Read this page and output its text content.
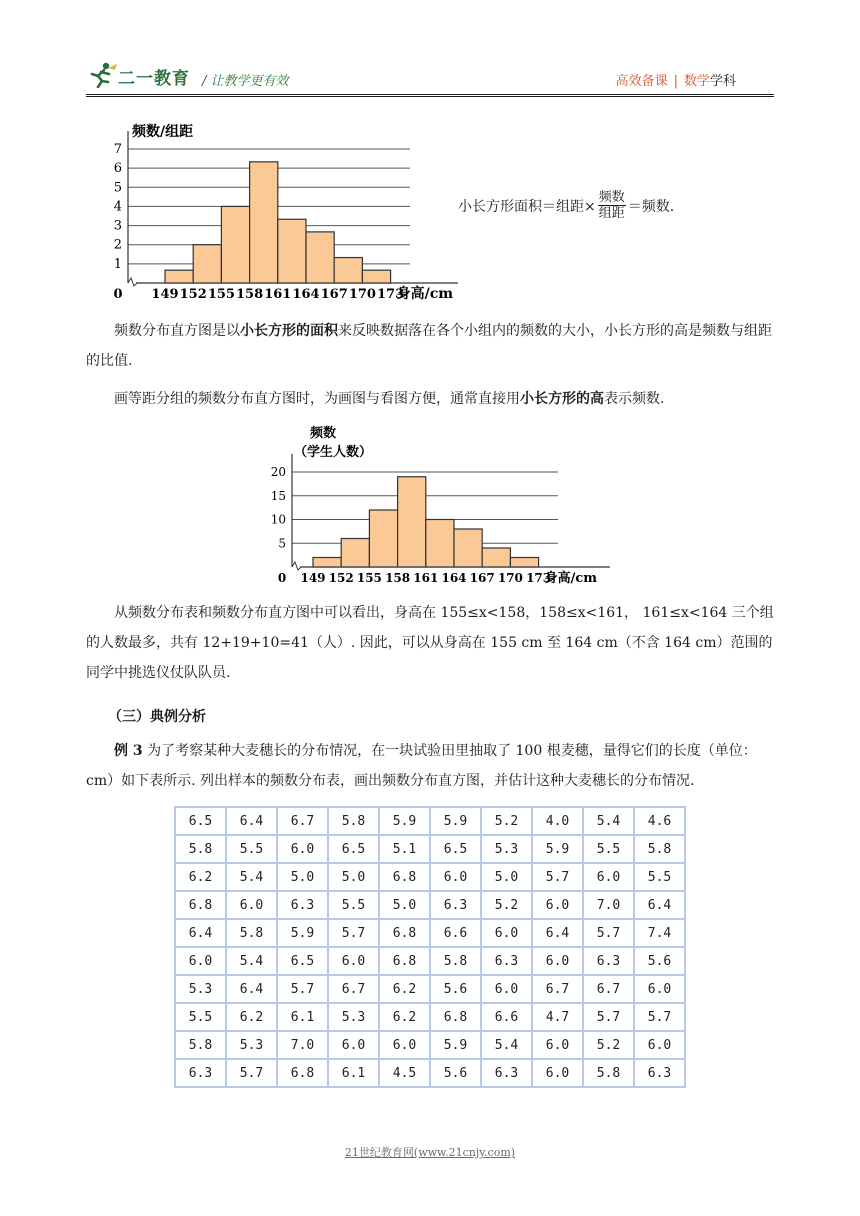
二一教育 / 让教学更有效	高效备课 | 数学学科
1
2
3
4
5
6
7
149 152 155 158 161 164 167 170 173
0	身高/cm
频数/组距
小长方形面积＝组距× $\frac{\text{频数}}{\text{组距}}$ ＝频数.

频数分布直方图是以小长方形的面积来反映数据落在各个小组内的频数的大小，小长方形的高是频数与组距的比值.

画等距分组的频数分布直方图时，为画图与看图方便，通常直接用小长方形的高表示频数.

5
10
15
20
149 152 155 158 161 164 167 170 173
0	身高/cm
频数
（学生人数）

从频数分布表和频数分布直方图中可以看出，身高在 155≤x<158，158≤x<161， 161≤x<164 三个组的人数最多，共有 12+19+10=41（人）. 因此，可以从身高在 155 cm 至 164 cm（不含 164 cm）范围的同学中挑选仪仗队队员.

（三）典例分析

例 3 为了考察某种大麦穗长的分布情况，在一块试验田里抽取了 100 根麦穗，量得它们的长度（单位：cm）如下表所示. 列出样本的频数分布表，画出频数分布直方图，并估计这种大麦穗长的分布情况.

6.5	6.4	6.7	5.8	5.9	5.9	5.2	4.0	5.4	4.6
5.8	5.5	6.0	6.5	5.1	6.5	5.3	5.9	5.5	5.8
6.2	5.4	5.0	5.0	6.8	6.0	5.0	5.7	6.0	5.5
6.8	6.0	6.3	5.5	5.0	6.3	5.2	6.0	7.0	6.4
6.4	5.8	5.9	5.7	6.8	6.6	6.0	6.4	5.7	7.4
6.0	5.4	6.5	6.0	6.8	5.8	6.3	6.0	6.3	5.6
5.3	6.4	5.7	6.7	6.2	5.6	6.0	6.7	6.7	6.0
5.5	6.2	6.1	5.3	6.2	6.8	6.6	4.7	5.7	5.7
5.8	5.3	7.0	6.0	6.0	5.9	5.4	6.0	5.2	6.0
6.3	5.7	6.8	6.1	4.5	5.6	6.3	6.0	5.8	6.3
21世纪教育网(www.21cnjy.com)
